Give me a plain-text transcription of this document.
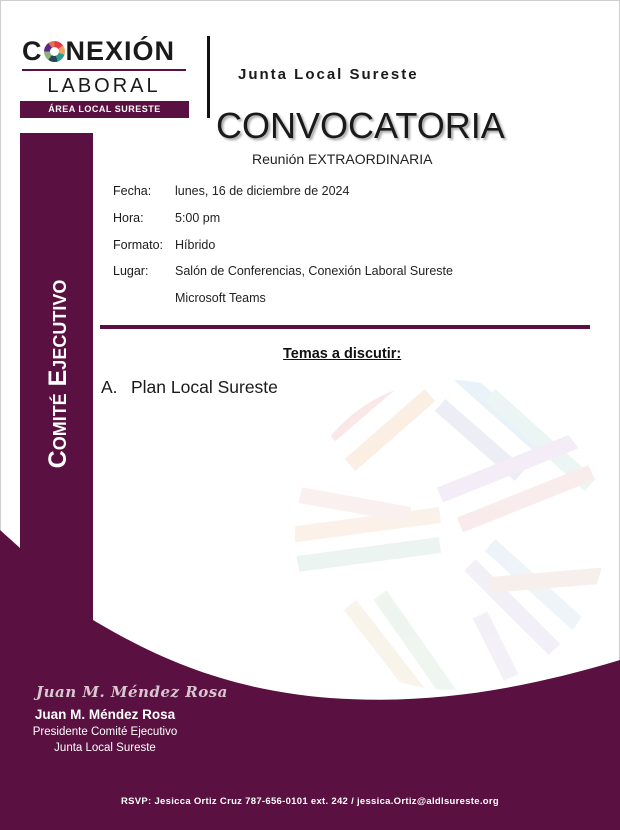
C NEXIÓN
LABORAL
ÁREA LOCAL SURESTE
Junta Local Sureste
CONVOCATORIA
Reunión EXTRAORDINARIA
Fecha: lunes, 16 de diciembre de 2024
Hora:	5:00 pm
Formato: Híbrido
Lugar: Salón de Conferencias, Conexión Laboral Sureste
Microsoft Teams
Temas a discutir:
A. Plan Local Sureste
Comité Ejecutivo
Juan M. Méndez Rosa
Juan M. Méndez Rosa
Presidente Comité Ejecutivo
Junta Local Sureste
RSVP: Jesicca Ortiz Cruz 787-656-0101 ext. 242 / jessica.Ortiz@aldlsureste.org
